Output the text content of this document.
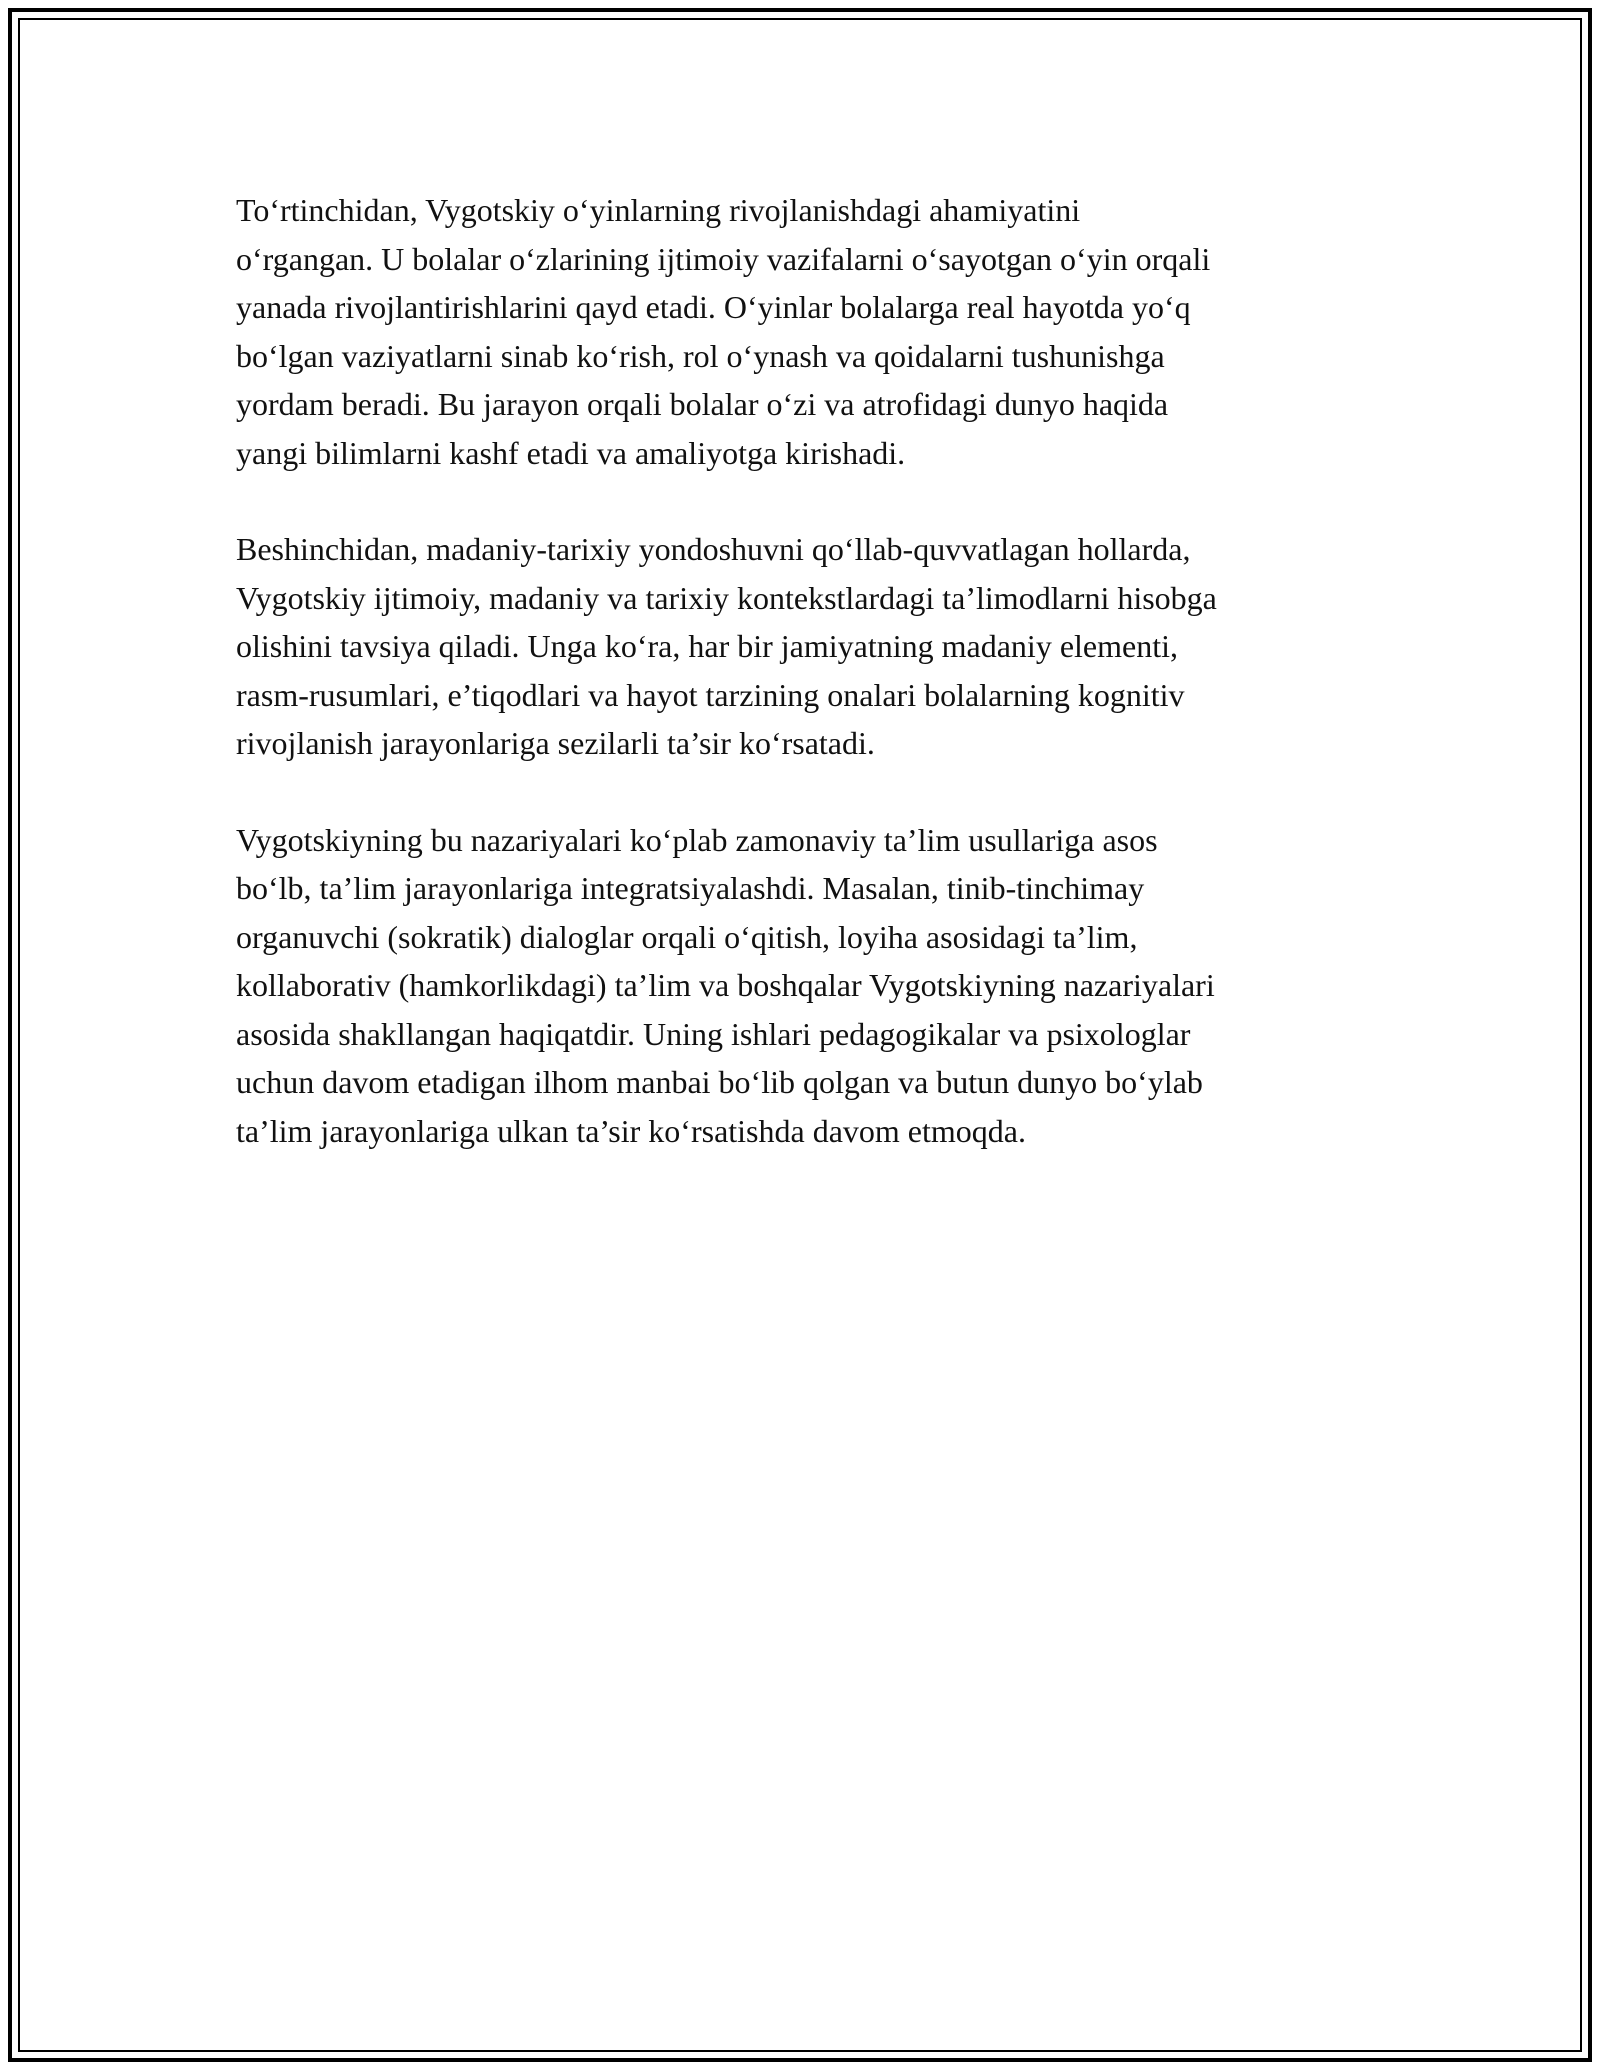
To‘rtinchidan, Vygotskiy o‘yinlarning rivojlanishdagi ahamiyatini
o‘rgangan. U bolalar o‘zlarining ijtimoiy vazifalarni o‘sayotgan o‘yin orqali
yanada rivojlantirishlarini qayd etadi. O‘yinlar bolalarga real hayotda yo‘q
bo‘lgan vaziyatlarni sinab ko‘rish, rol o‘ynash va qoidalarni tushunishga
yordam beradi. Bu jarayon orqali bolalar o‘zi va atrofidagi dunyo haqida
yangi bilimlarni kashf etadi va amaliyotga kirishadi.

Beshinchidan, madaniy-tarixiy yondoshuvni qo‘llab-quvvatlagan hollarda,
Vygotskiy ijtimoiy, madaniy va tarixiy kontekstlardagi ta’limodlarni hisobga
olishini tavsiya qiladi. Unga ko‘ra, har bir jamiyatning madaniy elementi,
rasm-rusumlari, e’tiqodlari va hayot tarzining onalari bolalarning kognitiv
rivojlanish jarayonlariga sezilarli ta’sir ko‘rsatadi.

Vygotskiyning bu nazariyalari ko‘plab zamonaviy ta’lim usullariga asos
bo‘lb, ta’lim jarayonlariga integratsiyalashdi. Masalan, tinib-tinchimay
organuvchi (sokratik) dialoglar orqali o‘qitish, loyiha asosidagi ta’lim,
kollaborativ (hamkorlikdagi) ta’lim va boshqalar Vygotskiyning nazariyalari
asosida shakllangan haqiqatdir. Uning ishlari pedagogikalar va psixologlar
uchun davom etadigan ilhom manbai bo‘lib qolgan va butun dunyo bo‘ylab
ta’lim jarayonlariga ulkan ta’sir ko‘rsatishda davom etmoqda.
